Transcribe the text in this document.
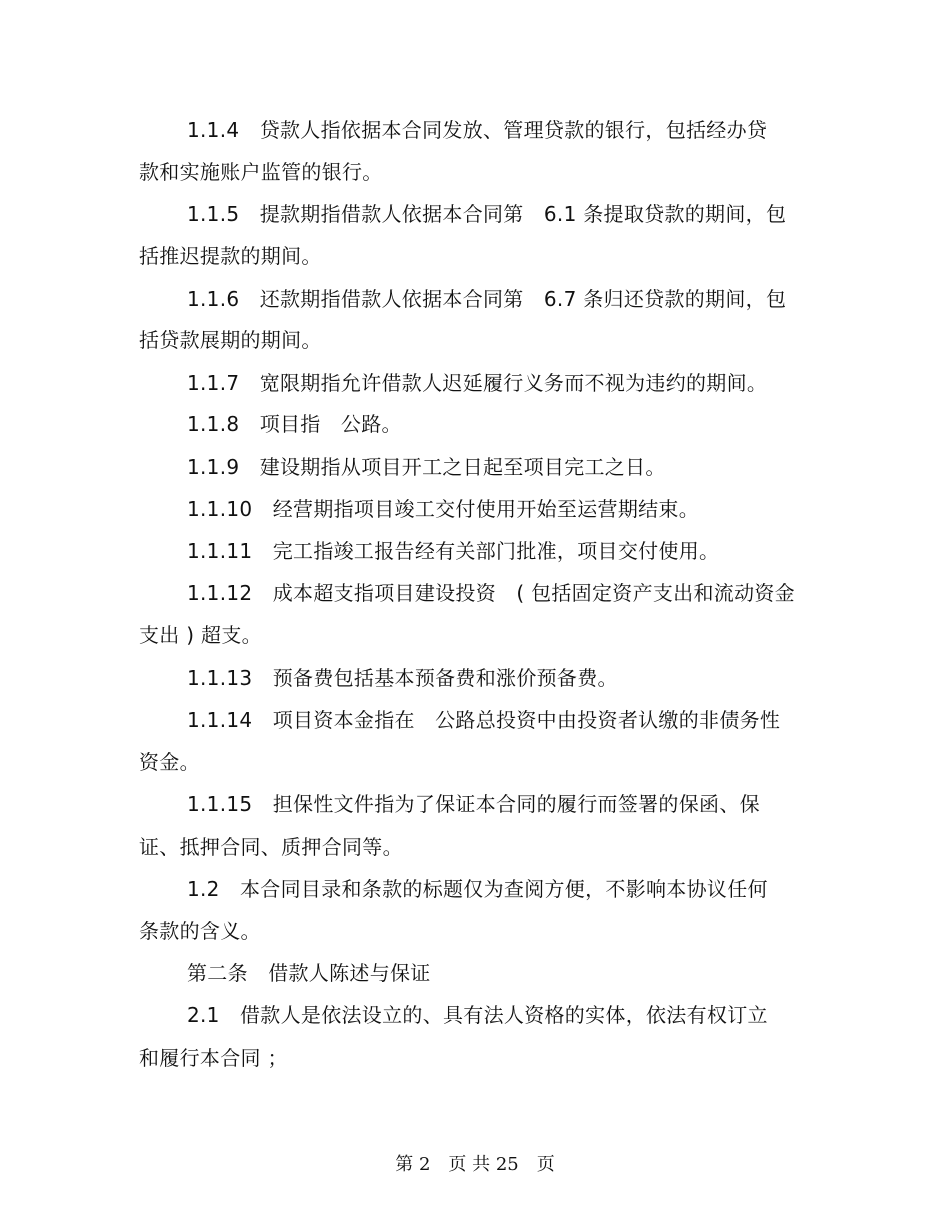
1.1.4　贷款人指依据本合同发放、管理贷款的银行，包括经办贷
款和实施账户监管的银行。
1.1.5　提款期指借款人依据本合同第　6.1 条提取贷款的期间，包
括推迟提款的期间。
1.1.6　还款期指借款人依据本合同第　6.7 条归还贷款的期间，包
括贷款展期的期间。
1.1.7　宽限期指允许借款人迟延履行义务而不视为违约的期间。
1.1.8　项目指　公路。
1.1.9　建设期指从项目开工之日起至项目完工之日。
1.1.10　经营期指项目竣工交付使用开始至运营期结束。
1.1.11　完工指竣工报告经有关部门批准，项目交付使用。
1.1.12　成本超支指项目建设投资　( 包括固定资产支出和流动资金
支出 ) 超支。
1.1.13　预备费包括基本预备费和涨价预备费。
1.1.14　项目资本金指在　公路总投资中由投资者认缴的非债务性
资金。
1.1.15　担保性文件指为了保证本合同的履行而签署的保函、保
证、抵押合同、质押合同等。
1.2　本合同目录和条款的标题仅为查阅方便，不影响本协议任何
条款的含义。
第二条　借款人陈述与保证
2.1　借款人是依法设立的、具有法人资格的实体，依法有权订立
和履行本合同 ；
第 2　页 共 25　页
